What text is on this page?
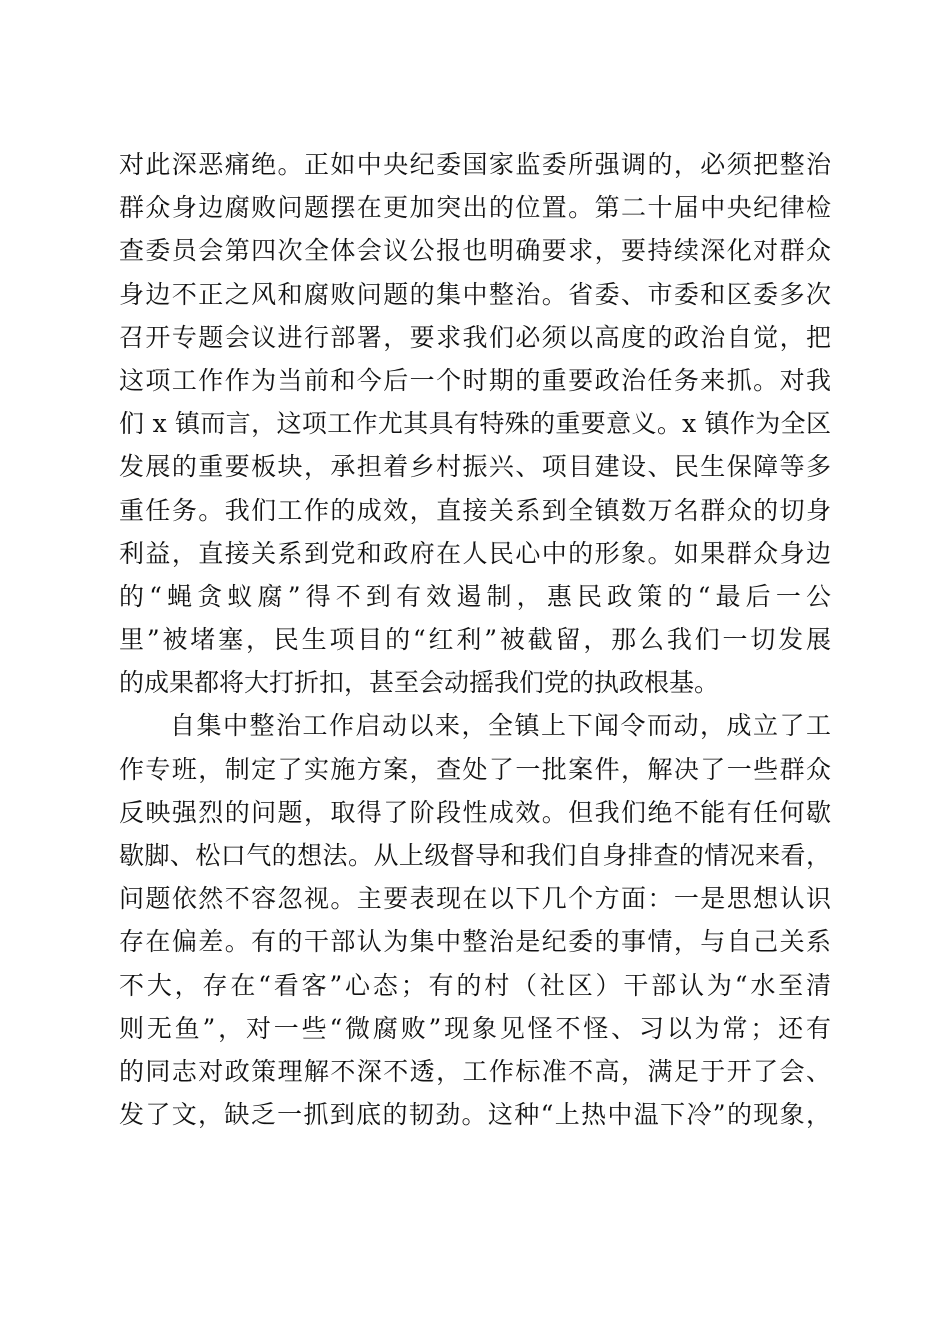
对此深恶痛绝。正如中央纪委国家监委所强调的，必须把整治
群众身边腐败问题摆在更加突出的位置。第二十届中央纪律检
查委员会第四次全体会议公报也明确要求，要持续深化对群众
身边不正之风和腐败问题的集中整治。省委、市委和区委多次
召开专题会议进行部署，要求我们必须以高度的政治自觉，把
这项工作作为当前和今后一个时期的重要政治任务来抓。对我
们 x 镇而言，这项工作尤其具有特殊的重要意义。x 镇作为全区
发展的重要板块，承担着乡村振兴、项目建设、民生保障等多
重任务。我们工作的成效，直接关系到全镇数万名群众的切身
利益，直接关系到党和政府在人民心中的形象。如果群众身边
的“蝇贪蚁腐”得不到有效遏制，惠民政策的“最后一公
里”被堵塞，民生项目的“红利”被截留，那么我们一切发展
的成果都将大打折扣，甚至会动摇我们党的执政根基。
自集中整治工作启动以来，全镇上下闻令而动，成立了工
作专班，制定了实施方案，查处了一批案件，解决了一些群众
反映强烈的问题，取得了阶段性成效。但我们绝不能有任何歇
歇脚、松口气的想法。从上级督导和我们自身排查的情况来看，
问题依然不容忽视。主要表现在以下几个方面：一是思想认识
存在偏差。有的干部认为集中整治是纪委的事情，与自己关系
不大，存在“看客”心态；有的村（社区）干部认为“水至清
则无鱼”，对一些“微腐败”现象见怪不怪、习以为常；还有
的同志对政策理解不深不透，工作标准不高，满足于开了会、
发了文，缺乏一抓到底的韧劲。这种“上热中温下冷”的现象，
